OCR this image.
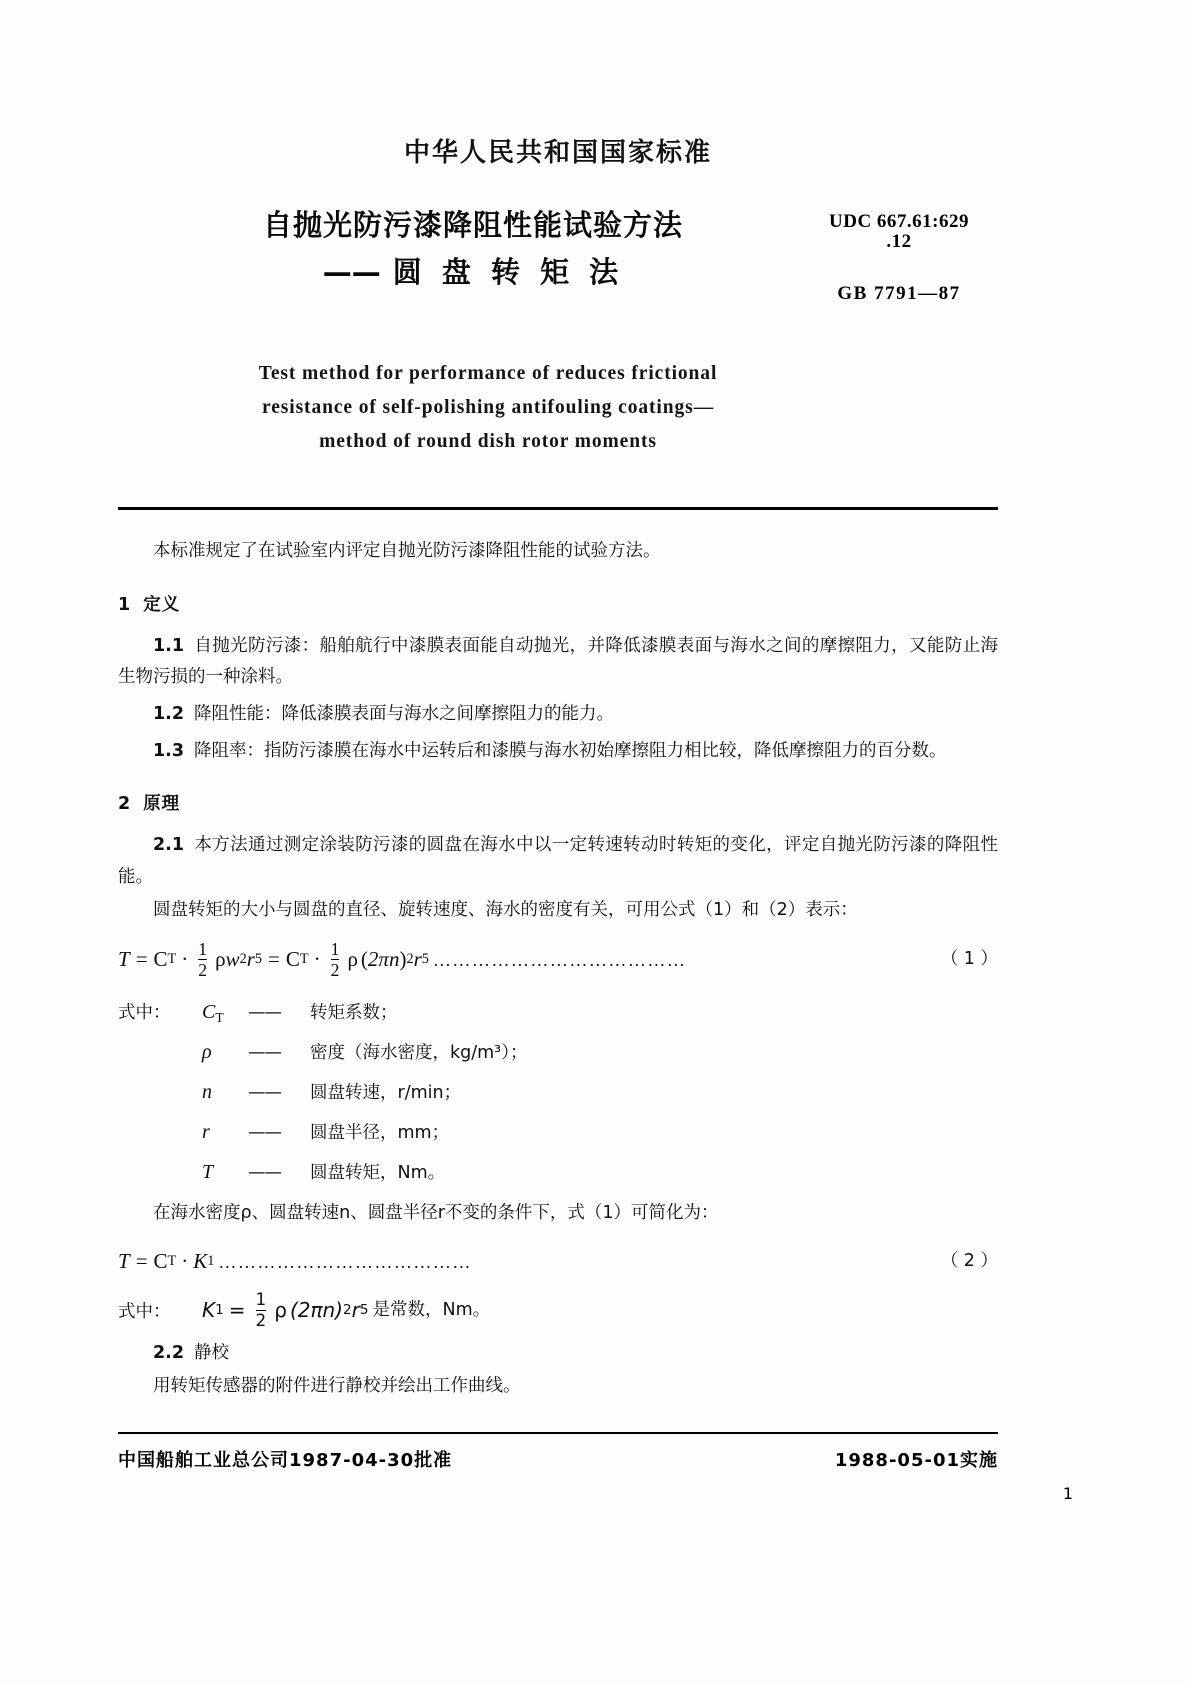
中华人民共和国国家标准
自抛光防污漆降阻性能试验方法
—— 圆 盘 转 矩 法
UDC 667.61:629
.12
GB 7791—87
Test method for performance of reduces frictional
resistance of self-polishing antifouling coatings—
method of round dish rotor moments

本标准规定了在试验室内评定自抛光防污漆降阻性能的试验方法。

1 定义

1.1 自抛光防污漆：船舶航行中漆膜表面能自动抛光，并降低漆膜表面与海水之间的摩擦阻力，又能防止海生物污损的一种涂料。

1.2 降阻性能：降低漆膜表面与海水之间摩擦阻力的能力。

1.3 降阻率：指防污漆膜在海水中运转后和漆膜与海水初始摩擦阻力相比较，降低摩擦阻力的百分数。

2 原理

2.1 本方法通过测定涂装防污漆的圆盘在海水中以一定转速转动时转矩的变化，评定自抛光防污漆的降阻性能。

圆盘转矩的大小与圆盘的直径、旋转速度、海水的密度有关，可用公式（1）和（2）表示：

T = C $T \cdot \frac{1}{2}$ ρ w 2 r 5 = C $T \cdot \frac{1}{2}$ ρ ( 2πn ) 2 r 5 …………………………………	（ 1 ）
式中：	CT	——	转矩系数；
ρ	——	密度（海水密度，kg/m³）；
n	——	圆盘转速，r/min；
r	——	圆盘半径，mm；
T	——	圆盘转矩，Nm。

在海水密度ρ、圆盘转速n、圆盘半径r不变的条件下，式（1）可简化为：

T = C T · K 1 …………………………………	（ 2 ）
式中：	K $1 = \frac{1}{2}$ ρ (2πn) 2 r 5 是常数，Nm。

2.2 静校

用转矩传感器的附件进行静校并绘出工作曲线。

中国船舶工业总公司1987-04-30批准	1988-05-01实施
1
